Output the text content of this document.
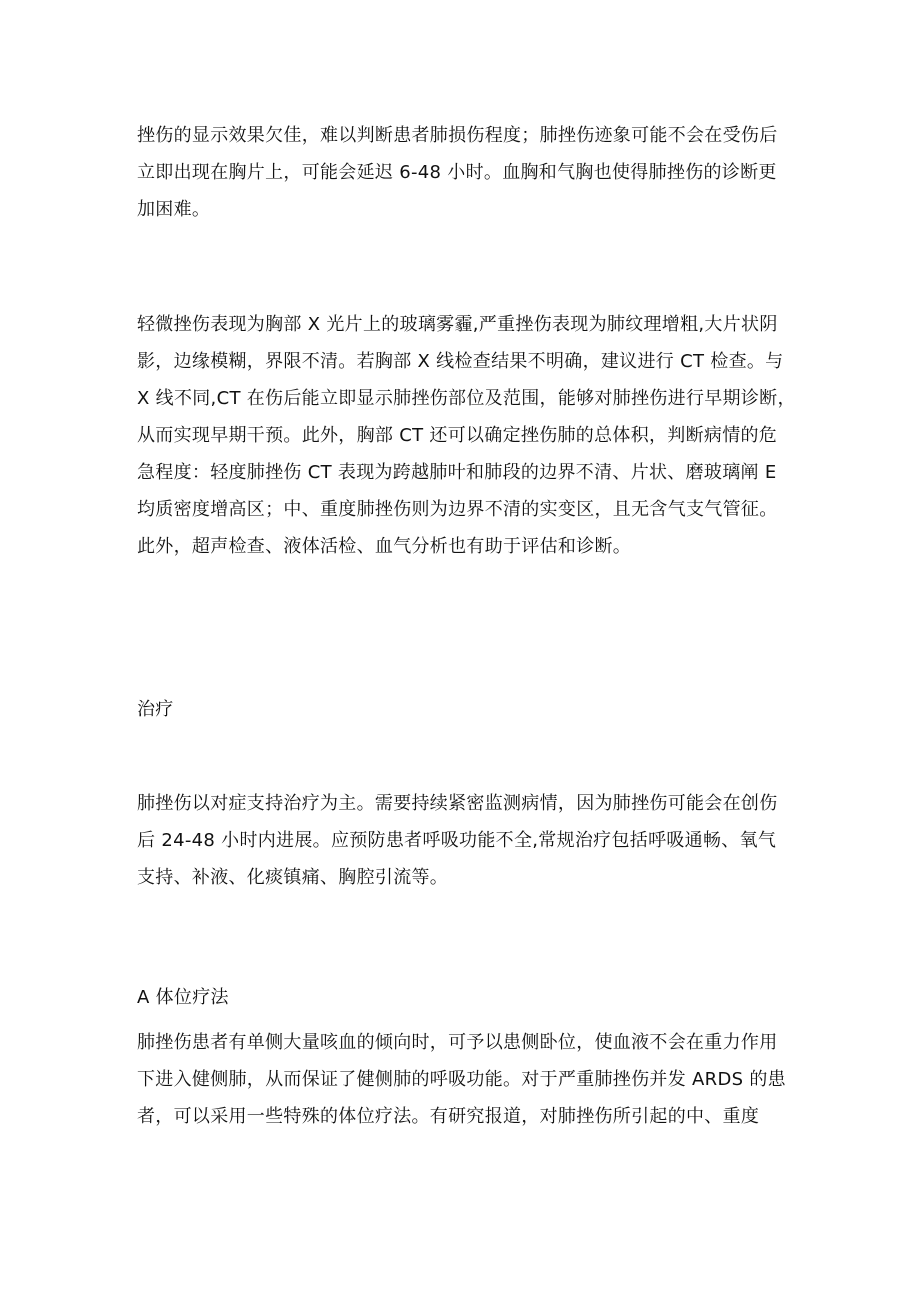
挫伤的显示效果欠佳，难以判断患者肺损伤程度；肺挫伤迹象可能不会在受伤后
立即出现在胸片上，可能会延迟 6-48 小时。血胸和气胸也使得肺挫伤的诊断更
加困难。
轻微挫伤表现为胸部 X 光片上的玻璃雾霾,严重挫伤表现为肺纹理增粗,大片状阴
影，边缘模糊，界限不清。若胸部 X 线检查结果不明确，建议进行 CT 检查。与
X 线不同,CT 在伤后能立即显示肺挫伤部位及范围，能够对肺挫伤进行早期诊断，
从而实现早期干预。此外，胸部 CT 还可以确定挫伤肺的总体积，判断病情的危
急程度：轻度肺挫伤 CT 表现为跨越肺叶和肺段的边界不清、片状、磨玻璃阐 E
均质密度增高区；中、重度肺挫伤则为边界不清的实变区，且无含气支气管征。
此外，超声检查、液体活检、血气分析也有助于评估和诊断。
治疗
肺挫伤以对症支持治疗为主。需要持续紧密监测病情，因为肺挫伤可能会在创伤
后 24-48 小时内进展。应预防患者呼吸功能不全,常规治疗包括呼吸通畅、氧气
支持、补液、化痰镇痛、胸腔引流等。
A 体位疗法
肺挫伤患者有单侧大量咳血的倾向时，可予以患侧卧位，使血液不会在重力作用
下进入健侧肺，从而保证了健侧肺的呼吸功能。对于严重肺挫伤并发 ARDS 的患
者，可以采用一些特殊的体位疗法。有研究报道，对肺挫伤所引起的中、重度
